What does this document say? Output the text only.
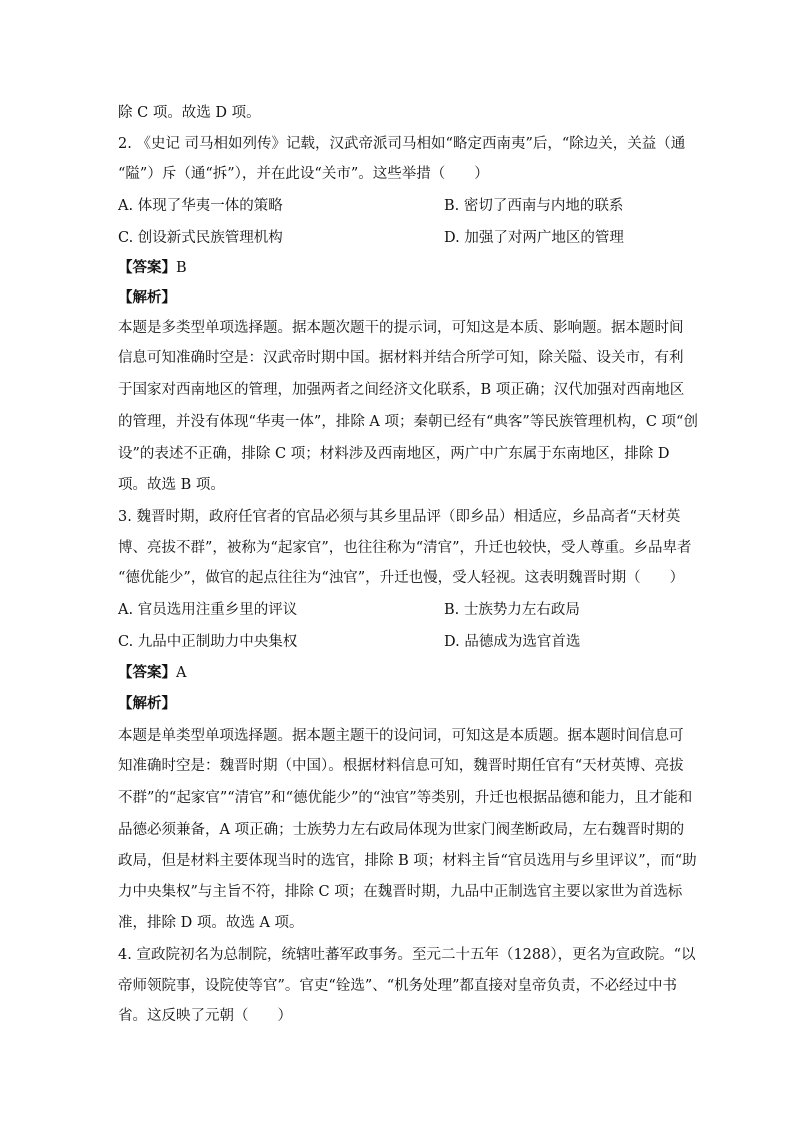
除 C 项。故选 D 项。
2. 《史记 司马相如列传》记载，汉武帝派司马相如“略定西南夷”后，“除边关，关益（通
“隘”）斥（通“拆”），并在此设“关市”。这些举措（　　）
A. 体现了华夷一体的策略	B. 密切了西南与内地的联系
C. 创设新式民族管理机构	D. 加强了对两广地区的管理
【答案】B
【解析】
本题是多类型单项选择题。据本题次题干的提示词，可知这是本质、影响题。据本题时间
信息可知准确时空是：汉武帝时期中国。据材料并结合所学可知，除关隘、设关市，有利
于国家对西南地区的管理，加强两者之间经济文化联系，B 项正确；汉代加强对西南地区
的管理，并没有体现“华夷一体”，排除 A 项；秦朝已经有“典客”等民族管理机构，C 项“创
设”的表述不正确，排除 C 项；材料涉及西南地区，两广中广东属于东南地区，排除 D
项。故选 B 项。
3. 魏晋时期，政府任官者的官品必须与其乡里品评（即乡品）相适应，乡品高者“天材英
博、亮拔不群”，被称为“起家官”，也往往称为“清官”，升迁也较快，受人尊重。乡品卑者
“德优能少”，做官的起点往往为“浊官”，升迁也慢，受人轻视。这表明魏晋时期（　　）
A. 官员选用注重乡里的评议	B. 士族势力左右政局
C. 九品中正制助力中央集权	D. 品德成为选官首选
【答案】A
【解析】
本题是单类型单项选择题。据本题主题干的设问词，可知这是本质题。据本题时间信息可
知准确时空是：魏晋时期（中国）。根据材料信息可知，魏晋时期任官有“天材英博、亮拔
不群”的“起家官”“清官”和“德优能少”的“浊官”等类别，升迁也根据品德和能力，且才能和
品德必须兼备，A 项正确；士族势力左右政局体现为世家门阀垄断政局，左右魏晋时期的
政局，但是材料主要体现当时的选官，排除 B 项；材料主旨“官员选用与乡里评议”，而“助
力中央集权”与主旨不符，排除 C 项；在魏晋时期，九品中正制选官主要以家世为首选标
准，排除 D 项。故选 A 项。
4. 宣政院初名为总制院，统辖吐蕃军政事务。至元二十五年（1288），更名为宣政院。“以
帝师领院事，设院使等官”。官吏“铨选”、“机务处理”都直接对皇帝负责，不必经过中书
省。这反映了元朝（　　）
